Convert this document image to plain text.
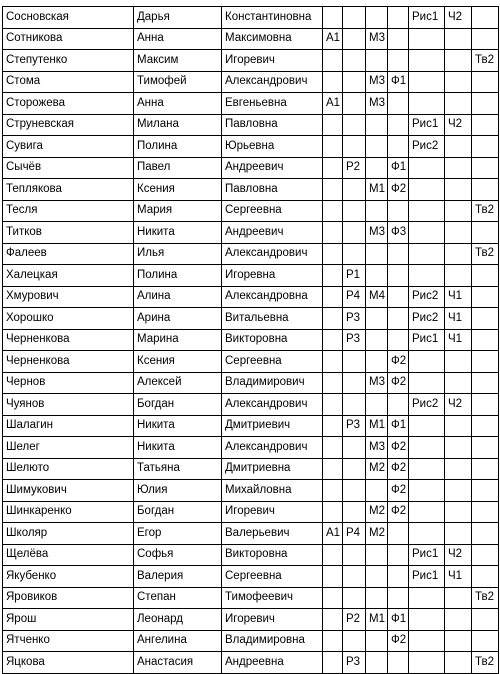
Сосновская	Дарья	Константиновна					Рис1	Ч2	
Сотникова	Анна	Максимовна	А1		М3				
Степутенко	Максим	Игоревич							Тв2
Стома	Тимофей	Александрович			М3	Ф1			
Сторожева	Анна	Евгеньевна	А1		М3				
Струневская	Милана	Павловна					Рис1	Ч2	
Сувига	Полина	Юрьевна					Рис2		
Сычёв	Павел	Андреевич		Р2		Ф1			
Теплякова	Ксения	Павловна			М1	Ф2			
Тесля	Мария	Сергеевна							Тв2
Титков	Никита	Андреевич			М3	Ф3			
Фалеев	Илья	Александрович							Тв2
Халецкая	Полина	Игоревна		Р1					
Хмурович	Алина	Александровна		Р4	М4		Рис2	Ч1	
Хорошко	Арина	Витальевна		Р3			Рис2	Ч1	
Черненкова	Марина	Викторовна		Р3			Рис1	Ч1	
Черненкова	Ксения	Сергеевна				Ф2			
Чернов	Алексей	Владимирович			М3	Ф2			
Чуянов	Богдан	Александрович					Рис2	Ч2	
Шалагин	Никита	Дмитриевич		Р3	М1	Ф1			
Шелег	Никита	Александрович			М3	Ф2			
Шелюто	Татьяна	Дмитриевна			М2	Ф2			
Шимукович	Юлия	Михайловна				Ф2			
Шинкаренко	Богдан	Игоревич			М2	Ф2			
Школяр	Егор	Валерьевич	А1	Р4	М2				
Щелёва	Софья	Викторовна					Рис1	Ч2	
Якубенко	Валерия	Сергеевна					Рис1	Ч1	
Яровиков	Степан	Тимофеевич							Тв2
Ярош	Леонард	Игоревич		Р2	М1	Ф1			
Ятченко	Ангелина	Владимировна				Ф2			
Яцкова	Анастасия	Андреевна		Р3					Тв2
